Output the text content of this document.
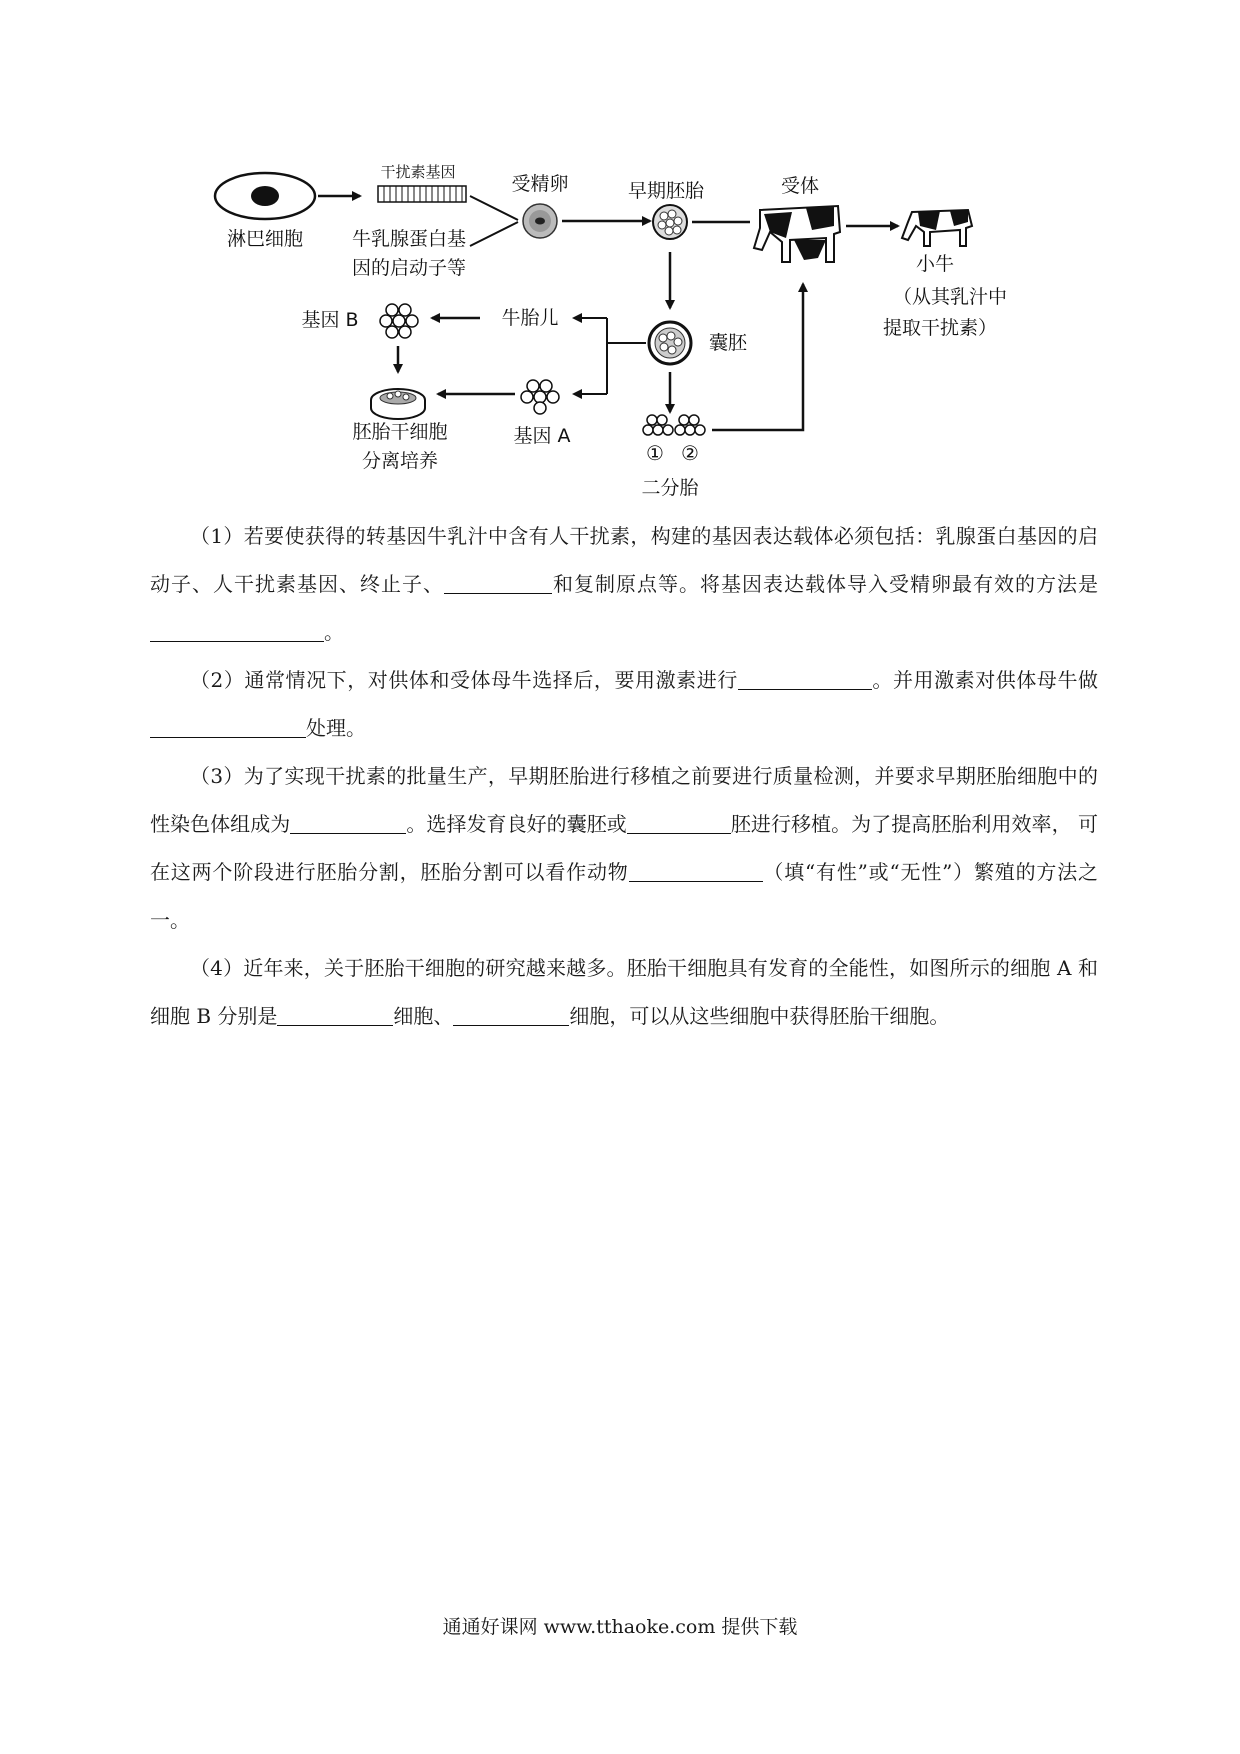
淋巴细胞
干扰素基因
牛乳腺蛋白基
因的启动子等
受精卵	早期胚胎	受体
小牛
（从其乳汁中
提取干扰素）
囊胚
牛胎儿
基因 B
基因 A
胚胎干细胞
分离培养	① ②
二分胎

（1）若要使获得的转基因牛乳汁中含有人干扰素，构建的基因表达载体必须包括：乳腺蛋白基因的启动子、人干扰素基因、终止子、	和复制原点等。将基因表达载体导入受精卵最有效的方法是。

（2）通常情况下，对供体和受体母牛选择后，要用激素进行	。并用激素对供体母牛做处理。

（3）为了实现干扰素的批量生产，早期胚胎进行移植之前要进行质量检测，并要求早期胚胎细胞中的性染色体组成为	。选择发育良好的囊胚或	胚进行移植。为了提高胚胎利用效率， 可在这两个阶段进行胚胎分割，胚胎分割可以看作动物	（填“有性”或“无性”）繁殖的方法之一。

（4）近年来，关于胚胎干细胞的研究越来越多。胚胎干细胞具有发育的全能性，如图所示的细胞 A 和细胞 B 分别是	细胞、	细胞，可以从这些细胞中获得胚胎干细胞。

通通好课网 www.tthaoke.com 提供下载
